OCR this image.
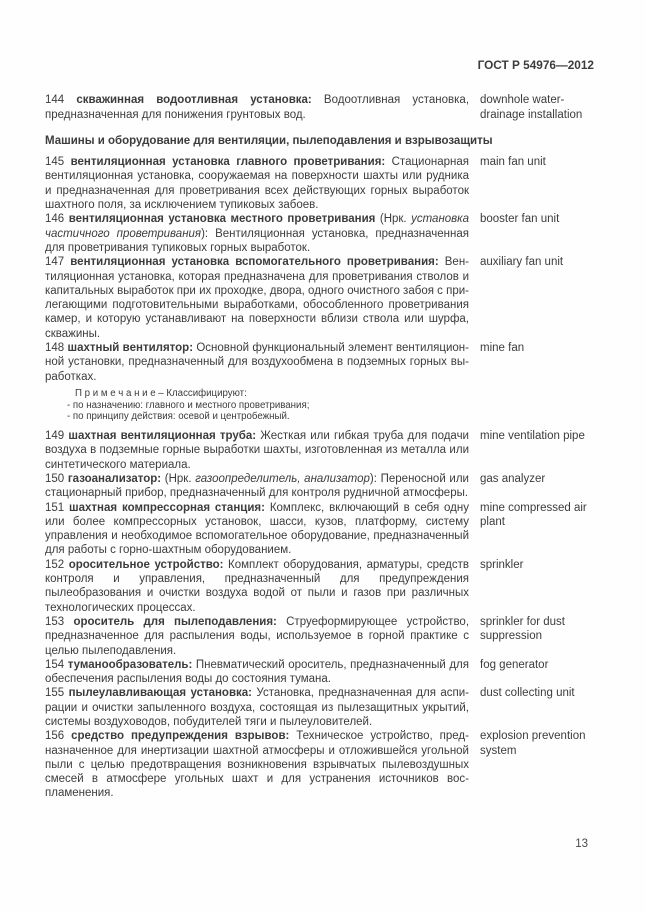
ГОСТ Р 54976—2012
144 скважинная водоотливная установка: Водоотливная установка, предназначенная для понижения грунтовых вод.
downhole water-drainage installation
Машины и оборудование для вентиляции, пылеподавления и взрывозащиты
145 вентиляционная установка главного проветривания: Стационарная вентиляционная установка, сооружаемая на поверхности шахты или рудника и предназначенная для проветривания всех действующих горных выработок шахтного поля, за исключением тупиковых забоев.
main fan unit
146 вентиляционная установка местного проветривания (Нрк. установка частичного проветривания): Вентиляционная установка, предназначенная для проветривания тупиковых горных выработок.
booster fan unit
147 вентиляционная установка вспомогательного проветривания: Вентиляционная установка, которая предназначена для проветривания стволов и капитальных выработок при их проходке, двора, одного очистного забоя с прилегающими подготовительными выработками, обособленного проветривания камер, и которую устанавливают на поверхности вблизи ствола или шурфа, скважины.
auxiliary fan unit
148 шахтный вентилятор: Основной функциональный элемент вентиляционной установки, предназначенный для воздухообмена в подземных горных выработках.
mine fan
П р и м е ч а н и е – Классифицируют:
- по назначению: главного и местного проветривания;
- по принципу действия: осевой и центробежный.
149 шахтная вентиляционная труба: Жесткая или гибкая труба для подачи воздуха в подземные горные выработки шахты, изготовленная из металла или синтетического материала.
mine ventilation pipe
150 газоанализатор: (Нрк. газоопределитель, анализатор): Переносной или стационарный прибор, предназначенный для контроля рудничной атмосферы.
gas analyzer
151 шахтная компрессорная станция: Комплекс, включающий в себя одну или более компрессорных установок, шасси, кузов, платформу, систему управления и необходимое вспомогательное оборудование, предназначенный для работы с горно-шахтным оборудованием.
mine compressed air plant
152 оросительное устройство: Комплект оборудования, арматуры, средств контроля и управления, предназначенный для предупреждения пылеобразования и очистки воздуха водой от пыли и газов при различных технологических процессах.
sprinkler
153 ороситель для пылеподавления: Струеформирующее устройство, предназначенное для распыления воды, используемое в горной практике с целью пылеподавления.
sprinkler for dust suppression
154 туманообразователь: Пневматический ороситель, предназначенный для обеспечения распыления воды до состояния тумана.
fog generator
155 пылеулавливающая установка: Установка, предназначенная для аспирации и очистки запыленного воздуха, состоящая из пылезащитных укрытий, системы воздуховодов, побудителей тяги и пылеуловителей.
dust collecting unit
156 средство предупреждения взрывов: Техническое устройство, предназначенное для инертизации шахтной атмосферы и отложившейся угольной пыли с целью предотвращения возникновения взрывчатых пылевоздушных смесей в атмосфере угольных шахт и для устранения источников воспламенения.
explosion prevention system
13
